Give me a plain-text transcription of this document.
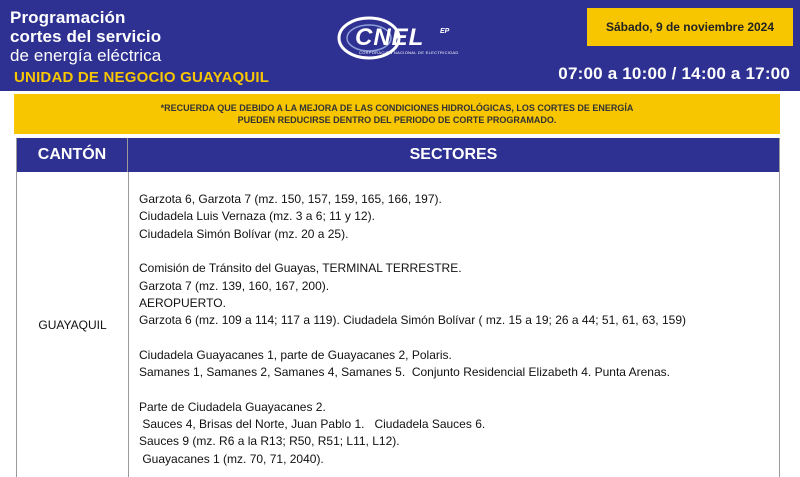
Programación
cortes del servicio
de energía eléctrica
UNIDAD DE NEGOCIO GUAYAQUIL
CNEL EP
CORPORACIÓN NACIONAL DE ELECTRICIDAD
Sábado, 9 de noviembre 2024
07:00 a 10:00 / 14:00 a 17:00
*RECUERDA QUE DEBIDO A LA MEJORA DE LAS CONDICIONES HIDROLÓGICAS, LOS CORTES DE ENERGÍA
PUEDEN REDUCIRSE DENTRO DEL PERIODO DE CORTE PROGRAMADO.
CANTÓN	SECTORES
GUAYAQUIL
Garzota 6, Garzota 7 (mz. 150, 157, 159, 165, 166, 197).
Ciudadela Luis Vernaza (mz. 3 a 6; 11 y 12).
Ciudadela Simón Bolívar (mz. 20 a 25).
Comisión de Tránsito del Guayas, TERMINAL TERRESTRE.
Garzota 7 (mz. 139, 160, 167, 200).
AEROPUERTO.
Garzota 6 (mz. 109 a 114; 117 a 119). Ciudadela Simón Bolívar ( mz. 15 a 19; 26 a 44; 51, 61, 63, 159)
Ciudadela Guayacanes 1, parte de Guayacanes 2, Polaris.
Samanes 1, Samanes 2, Samanes 4, Samanes 5.  Conjunto Residencial Elizabeth 4. Punta Arenas.
Parte de Ciudadela Guayacanes 2.
Sauces 4, Brisas del Norte, Juan Pablo 1.   Ciudadela Sauces 6.
Sauces 9 (mz. R6 a la R13; R50, R51; L11, L12).
Guayacanes 1 (mz. 70, 71, 2040).
